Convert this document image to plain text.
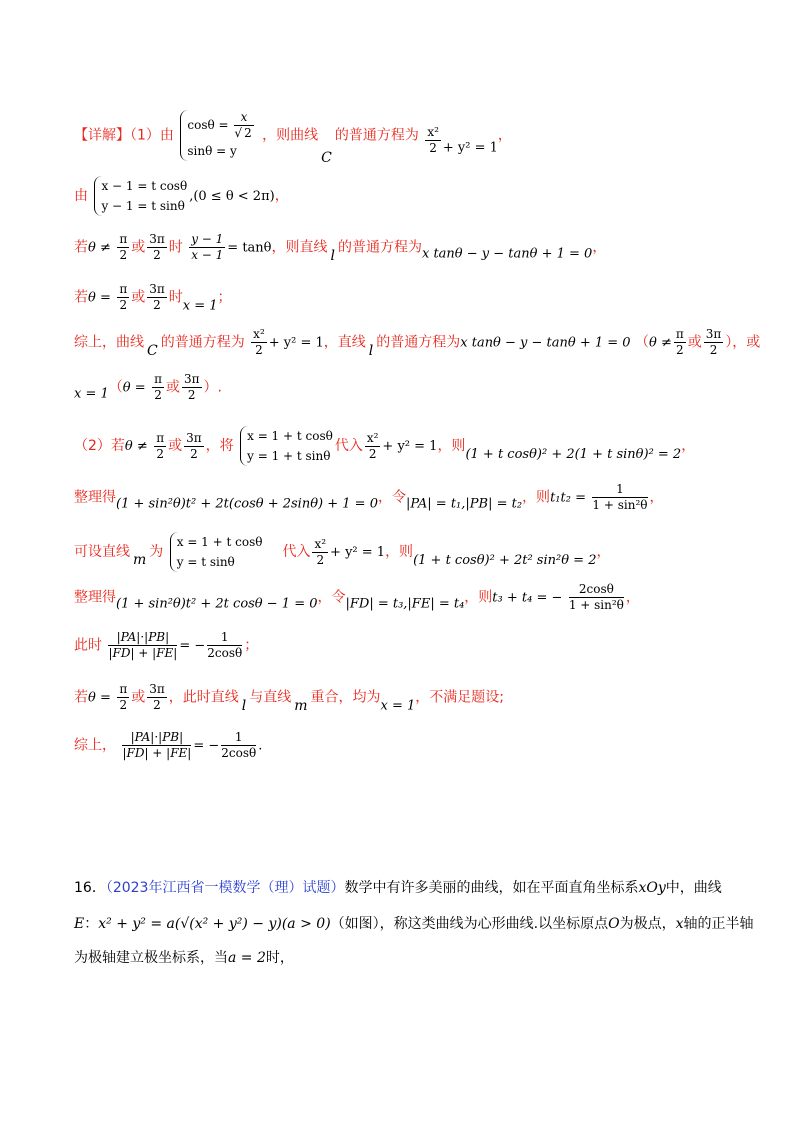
【详解】（1）由
$\cos\theta = \frac{x}{√ 2}$
sinθ = y
，则曲线C的普通方程为 $\frac{\text{x²}}{2} + y^2 = 1$，
由
x − 1 = t cosθ
y − 1 = t sinθ
,(0 ≤ θ < 2π)，
若$\theta \ne \frac{\pi}{2}$ 或 $\frac{3\pi}{2}$ 时 $\frac{y - 1}{x - 1} = \tan\theta$，则直线 l 的普通方程为x tanθ − y − tanθ + 1 = 0，
若$\theta = \frac{\pi}{2}$ 或 $\frac{3\pi}{2}$ 时x = 1；
综上，曲线 C 的普通方程为 $\frac{\text{x²}}{2} + y^2 = 1$，直线 l 的普通方程为x tanθ − y − tanθ + 1 = 0 （$\theta \ne \frac{\pi}{2}$ 或 $\frac{3\pi}{2}$ ），或
$x = 1(\theta = \frac{\pi}{2}$ 或 $\frac{3\pi}{2}$ ）.
（2）若$\theta \ne \frac{\pi}{2}$ 或 $\frac{3\pi}{2}$ ，将
x = 1 + t cosθ
y = 1 + t sinθ
代入 $\frac{\text{x²}}{2} + y^2 = 1$，则(1 + t cosθ)² + 2(1 + t sinθ)² = 2，
整理得(1 + sin²θ)t² + 2t(cosθ + 2sinθ) + 1 = 0，令|PA| = t₁,|PB| = t₂，则$t_1t_2 = \frac{1}{\text{1 + sin²θ}}$ ，
可设直线 m 为
x = 1 + t cosθ
y = t sinθ
代入 $\frac{\text{x²}}{2} + y^2 = 1$，则(1 + t cosθ)² + 2t² sin²θ = 2，
整理得(1 + sin²θ)t² + 2t cosθ − 1 = 0，令|FD| = t₃,|FE| = t₄，则t₃ + t₄ = − $\frac{2\cos\theta}{\text{1 + sin²θ}}$ ，
此时 $\frac{|PA|\cdot|PB|}{|FD| + |FE|}$ = − $\frac{1}{2\cos\theta}$ ；
若$\theta = \frac{\pi}{2}$ 或 $\frac{3\pi}{2}$ ，此时直线 l 与直线 m 重合，均为x = 1，不满足题设;
综上， $\frac{|PA|\cdot|PB|}{|FD| + |FE|}$ = − $\frac{1}{2\cos\theta}$ .
16．（2023年江西省一模数学（理）试题）数学中有许多美丽的曲线，如在平面直角坐标系xOy中，曲线
E：x² + y² = a(√(x² + y²) − y)(a > 0)（如图），称这类曲线为心形曲线.以坐标原点O为极点，x轴的正半轴
为极轴建立极坐标系，当a = 2时，
